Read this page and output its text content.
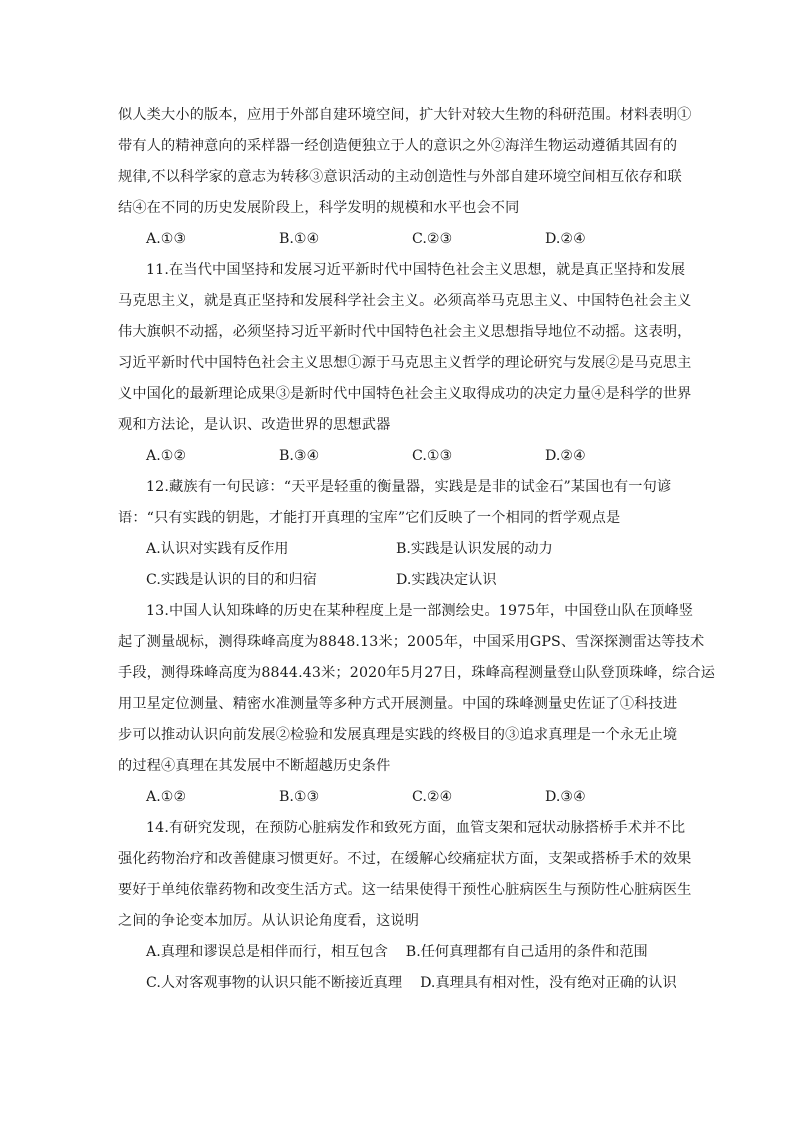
似人类大小的版本，应用于外部自建环境空间，扩大针对较大生物的科研范围。材料表明①
带有人的精神意向的采样器一经创造便独立于人的意识之外②海洋生物运动遵循其固有的
规律,不以科学家的意志为转移③意识活动的主动创造性与外部自建环境空间相互依存和联
结④在不同的历史发展阶段上，科学发明的规模和水平也会不同
A.①③	B.①④	C.②③	D.②④
11.在当代中国坚持和发展习近平新时代中国特色社会主义思想，就是真正坚持和发展
马克思主义，就是真正坚持和发展科学社会主义。必须高举马克思主义、中国特色社会主义
伟大旗帜不动摇，必须坚持习近平新时代中国特色社会主义思想指导地位不动摇。这表明，
习近平新时代中国特色社会主义思想①源于马克思主义哲学的理论研究与发展②是马克思主
义中国化的最新理论成果③是新时代中国特色社会主义取得成功的决定力量④是科学的世界
观和方法论，是认识、改造世界的思想武器
A.①②	B.③④	C.①③	D.②④
12.藏族有一句民谚：“天平是轻重的衡量器，实践是是非的试金石”某国也有一句谚
语：“只有实践的钥匙，才能打开真理的宝库”它们反映了一个相同的哲学观点是
A.认识对实践有反作用	B.实践是认识发展的动力
C.实践是认识的目的和归宿	D.实践决定认识
13.中国人认知珠峰的历史在某种程度上是一部测绘史。1975年，中国登山队在顶峰竖
起了测量觇标，测得珠峰高度为8848.13米；2005年，中国采用GPS、雪深探测雷达等技术
手段，测得珠峰高度为8844.43米；2020年5月27日，珠峰高程测量登山队登顶珠峰，综合运
用卫星定位测量、精密水准测量等多种方式开展测量。中国的珠峰测量史佐证了①科技进
步可以推动认识向前发展②检验和发展真理是实践的终极目的③追求真理是一个永无止境
的过程④真理在其发展中不断超越历史条件
A.①②	B.①③	C.②④	D.③④
14.有研究发现，在预防心脏病发作和致死方面，血管支架和冠状动脉搭桥手术并不比
强化药物治疗和改善健康习惯更好。不过，在缓解心绞痛症状方面，支架或搭桥手术的效果
要好于单纯依靠药物和改变生活方式。这一结果使得干预性心脏病医生与预防性心脏病医生
之间的争论变本加厉。从认识论角度看，这说明
A.真理和谬误总是相伴而行，相互包含 B.任何真理都有自己适用的条件和范围
C.人对客观事物的认识只能不断接近真理 D.真理具有相对性，没有绝对正确的认识
